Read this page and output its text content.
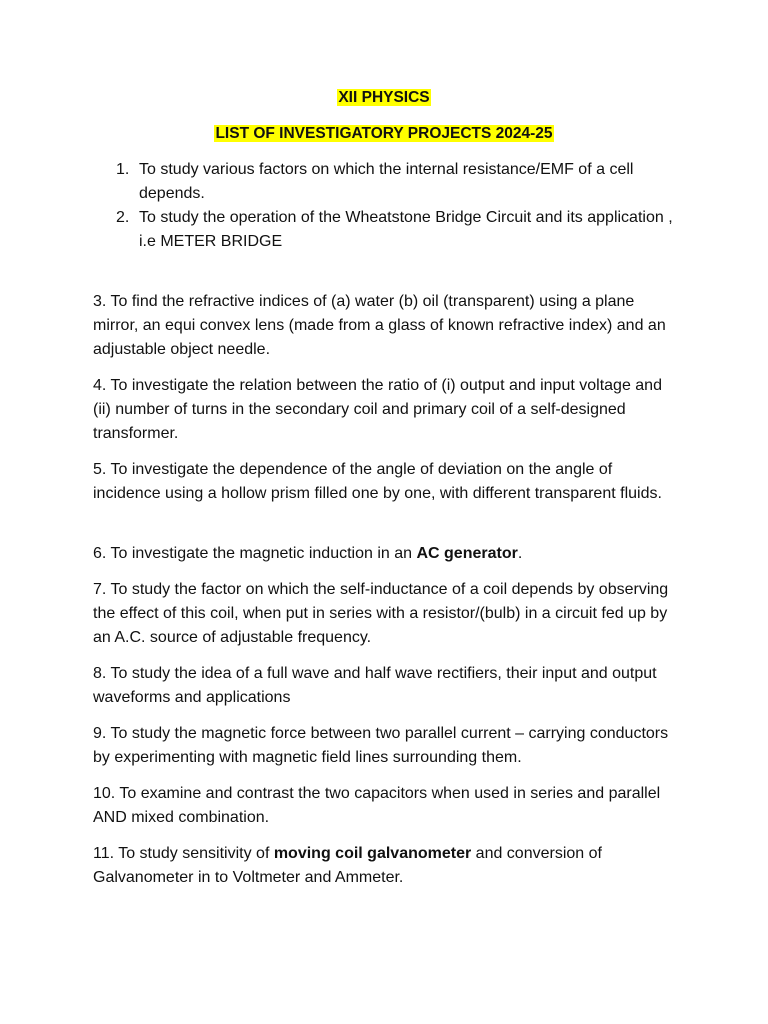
XII PHYSICS
LIST OF INVESTIGATORY PROJECTS 2024-25
1. To study various factors on which the internal resistance/EMF of a cell depends.
2. To study the operation of the Wheatstone Bridge Circuit and its application , i.e METER BRIDGE

3. To find the refractive indices of (a) water (b) oil (transparent) using a plane mirror, an equi convex lens (made from a glass of known refractive index) and an adjustable object needle.

4. To investigate the relation between the ratio of (i) output and input voltage and (ii) number of turns in the secondary coil and primary coil of a self-designed transformer.

5. To investigate the dependence of the angle of deviation on the angle of incidence using a hollow prism filled one by one, with different transparent fluids.

6. To investigate the magnetic induction in an AC generator.

7. To study the factor on which the self-inductance of a coil depends by observing the effect of this coil, when put in series with a resistor/(bulb) in a circuit fed up by an A.C. source of adjustable frequency.

8. To study the idea of a full wave and half wave rectifiers, their input and output waveforms and applications

9. To study the magnetic force between two parallel current – carrying conductors by experimenting with magnetic field lines surrounding them.

10. To examine and contrast the two capacitors when used in series and parallel AND mixed combination.

11. To study sensitivity of moving coil galvanometer and conversion of Galvanometer in to Voltmeter and Ammeter.
